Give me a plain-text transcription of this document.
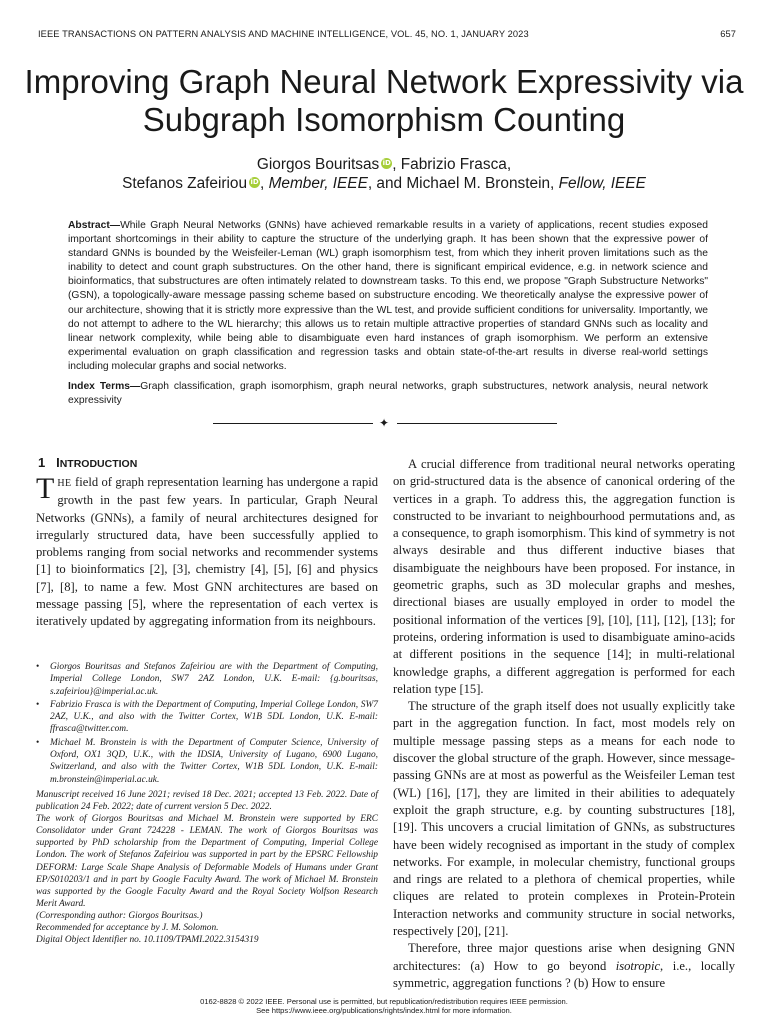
IEEE TRANSACTIONS ON PATTERN ANALYSIS AND MACHINE INTELLIGENCE, VOL. 45, NO. 1, JANUARY 2023	657
Improving Graph Neural Network Expressivity via
Subgraph Isomorphism Counting
Giorgos Bouritsas iD, Fabrizio Frasca,
Stefanos Zafeiriou iD, Member, IEEE, and Michael M. Bronstein, Fellow, IEEE
Abstract—While Graph Neural Networks (GNNs) have achieved remarkable results in a variety of applications, recent studies exposed important shortcomings in their ability to capture the structure of the underlying graph. It has been shown that the expressive power of standard GNNs is bounded by the Weisfeiler-Leman (WL) graph isomorphism test, from which they inherit proven limitations such as the inability to detect and count graph substructures. On the other hand, there is significant empirical evidence, e.g. in network science and bioinformatics, that substructures are often intimately related to downstream tasks. To this end, we propose "Graph Substructure Networks" (GSN), a topologically-aware message passing scheme based on substructure encoding. We theoretically analyse the expressive power of our architecture, showing that it is strictly more expressive than the WL test, and provide sufficient conditions for universality. Importantly, we do not attempt to adhere to the WL hierarchy; this allows us to retain multiple attractive properties of standard GNNs such as locality and linear network complexity, while being able to disambiguate even hard instances of graph isomorphism. We perform an extensive experimental evaluation on graph classification and regression tasks and obtain state-of-the-art results in diverse real-world settings including molecular graphs and social networks.
Index Terms—Graph classification, graph isomorphism, graph neural networks, graph substructures, network analysis, neural network expressivity
✦
1 INTRODUCTION

THE field of graph representation learning has undergone a rapid growth in the past few years. In particular, Graph Neural Networks (GNNs), a family of neural architectures designed for irregularly structured data, have been successfully applied to problems ranging from social networks and recommender systems [1] to bioinformatics [2], [3], chemistry [4], [5], [6] and physics [7], [8], to name a few. Most GNN architectures are based on message passing [5], where the representation of each vertex is iteratively updated by aggregating information from its neighbours.

• Giorgos Bouritsas and Stefanos Zafeiriou are with the Department of Computing, Imperial College London, SW7 2AZ London, U.K. E-mail: {g.bouritsas, s.zafeiriou}@imperial.ac.uk.
• Fabrizio Frasca is with the Department of Computing, Imperial College London, SW7 2AZ, U.K., and also with the Twitter Cortex, W1B 5DL London, U.K. E-mail: ffrasca@twitter.com.
• Michael M. Bronstein is with the Department of Computer Science, University of Oxford, OX1 3QD, U.K., with the IDSIA, University of Lugano, 6900 Lugano, Switzerland, and also with the Twitter Cortex, W1B 5DL London, U.K. E-mail: m.bronstein@imperial.ac.uk.

Manuscript received 16 June 2021; revised 18 Dec. 2021; accepted 13 Feb. 2022. Date of publication 24 Feb. 2022; date of current version 5 Dec. 2022.

The work of Giorgos Bouritsas and Michael M. Bronstein were supported by ERC Consolidator under Grant 724228 - LEMAN. The work of Giorgos Bouritsas was supported by PhD scholarship from the Department of Computing, Imperial College London. The work of Stefanos Zafeiriou was supported in part by the EPSRC Fellowship DEFORM: Large Scale Shape Analysis of Deformable Models of Humans under Grant EP/S010203/1 and in part by Google Faculty Award. The work of Michael M. Bronstein was supported by the Google Faculty Award and the Royal Society Wolfson Research Merit Award.

(Corresponding author: Giorgos Bouritsas.)

Recommended for acceptance by J. M. Solomon.

Digital Object Identifier no. 10.1109/TPAMI.2022.3154319

A crucial difference from traditional neural networks operating on grid-structured data is the absence of canonical ordering of the vertices in a graph. To address this, the aggregation function is constructed to be invariant to neighbourhood permutations and, as a consequence, to graph isomorphism. This kind of symmetry is not always desirable and thus different inductive biases that disambiguate the neighbours have been proposed. For instance, in geometric graphs, such as 3D molecular graphs and meshes, directional biases are usually employed in order to model the positional information of the vertices [9], [10], [11], [12], [13]; for proteins, ordering information is used to disambiguate amino-acids at different positions in the sequence [14]; in multi-relational knowledge graphs, a different aggregation is performed for each relation type [15].

The structure of the graph itself does not usually explicitly take part in the aggregation function. In fact, most models rely on multiple message passing steps as a means for each node to discover the global structure of the graph. However, since message-passing GNNs are at most as powerful as the Weisfeiler Leman test (WL) [16], [17], they are limited in their abilities to adequately exploit the graph structure, e.g. by counting substructures [18], [19]. This uncovers a crucial limitation of GNNs, as substructures have been widely recognised as important in the study of complex networks. For example, in molecular chemistry, functional groups and rings are related to a plethora of chemical properties, while cliques are related to protein complexes in Protein-Protein Interaction networks and community structure in social networks, respectively [20], [21].

Therefore, three major questions arise when designing GNN architectures: (a) How to go beyond isotropic, i.e., locally symmetric, aggregation functions ? (b) How to ensure

0162-8828 © 2022 IEEE. Personal use is permitted, but republication/redistribution requires IEEE permission.
See https://www.ieee.org/publications/rights/index.html for more information.
